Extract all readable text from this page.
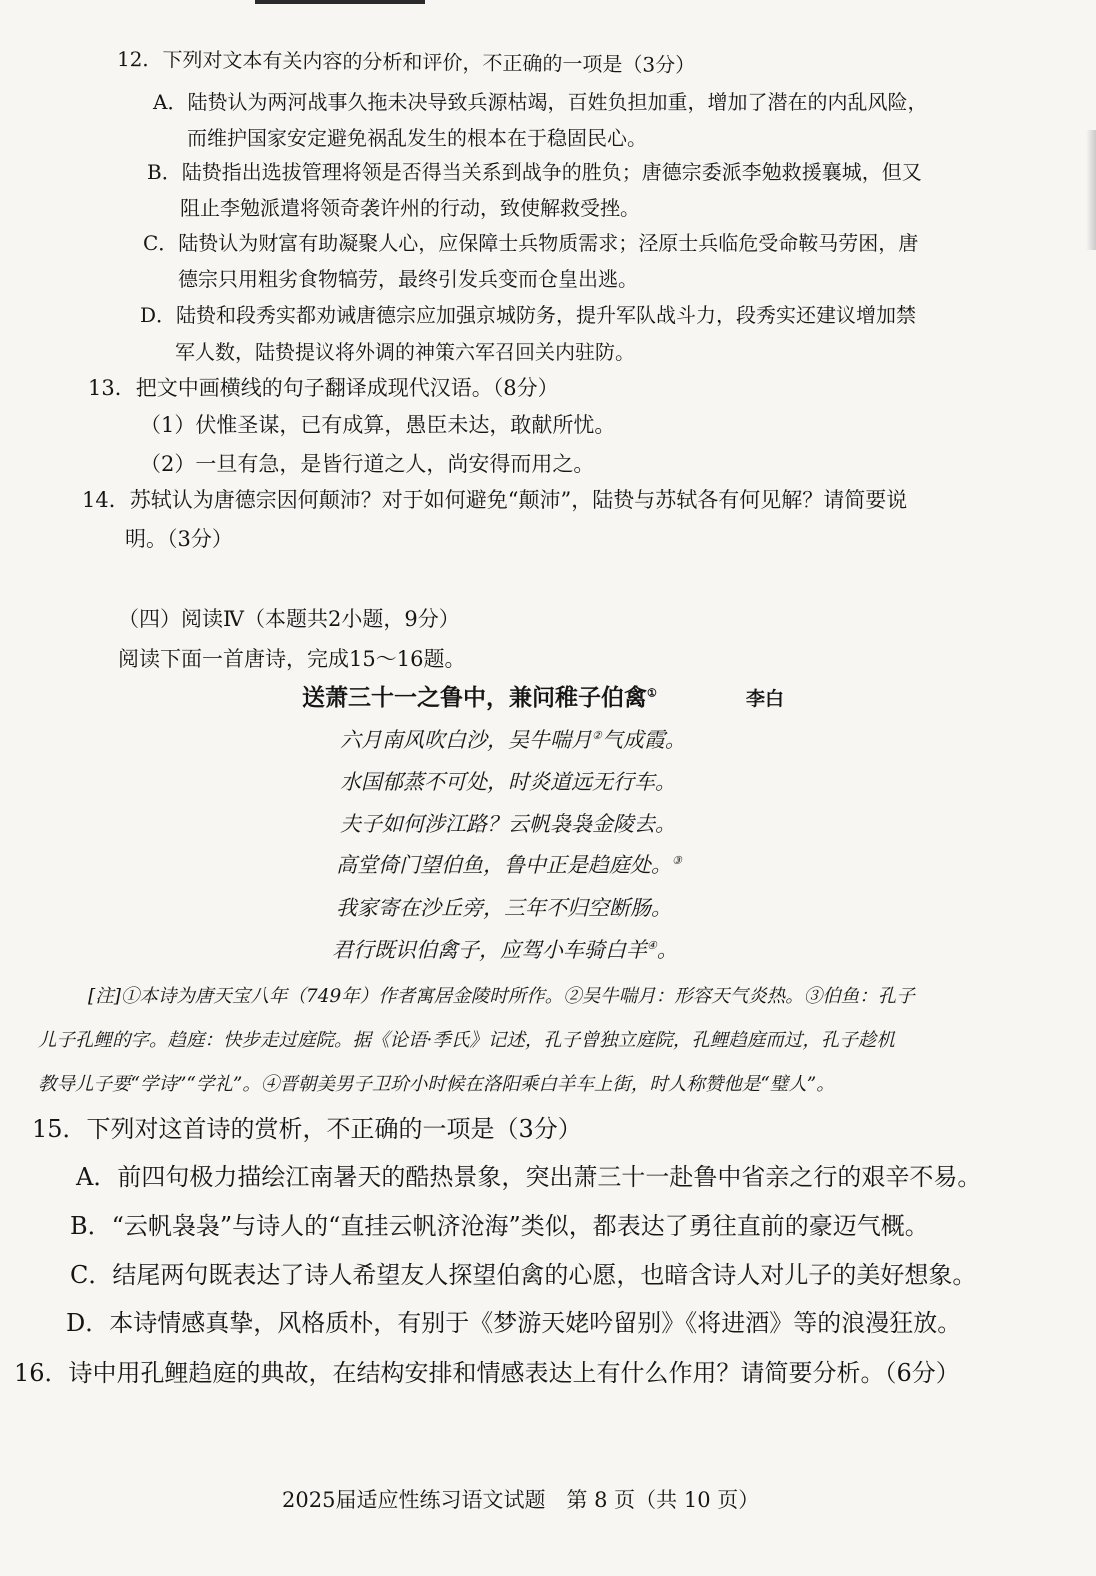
12．下列对文本有关内容的分析和评价，不正确的一项是（3分）
A．陆贽认为两河战事久拖未决导致兵源枯竭，百姓负担加重，增加了潜在的内乱风险，
而维护国家安定避免祸乱发生的根本在于稳固民心。
B．陆贽指出选拔管理将领是否得当关系到战争的胜负；唐德宗委派李勉救援襄城，但又
阻止李勉派遣将领奇袭许州的行动，致使解救受挫。
C．陆贽认为财富有助凝聚人心，应保障士兵物质需求；泾原士兵临危受命鞍马劳困，唐
德宗只用粗劣食物犒劳，最终引发兵变而仓皇出逃。
D．陆贽和段秀实都劝诫唐德宗应加强京城防务，提升军队战斗力，段秀实还建议增加禁
军人数，陆贽提议将外调的神策六军召回关内驻防。
13．把文中画横线的句子翻译成现代汉语。（8分）
（1）伏惟圣谋，已有成算，愚臣未达，敢献所忧。
（2）一旦有急，是皆行道之人，尚安得而用之。
14．苏轼认为唐德宗因何颠沛？对于如何避免“颠沛”，陆贽与苏轼各有何见解？请简要说
明。（3分）
（四）阅读Ⅳ（本题共2小题，9分）
阅读下面一首唐诗，完成15～16题。
送萧三十一之鲁中，兼问稚子伯禽①	李白
六月南风吹白沙，吴牛喘月②气成霞。
水国郁蒸不可处，时炎道远无行车。
夫子如何涉江路？云帆袅袅金陵去。
高堂倚门望伯鱼，鲁中正是趋庭处。③
我家寄在沙丘旁，三年不归空断肠。
君行既识伯禽子，应驾小车骑白羊④。
[注]①本诗为唐天宝八年（749年）作者寓居金陵时所作。②吴牛喘月：形容天气炎热。③伯鱼：孔子
儿子孔鲤的字。趋庭：快步走过庭院。据《论语·季氏》记述，孔子曾独立庭院，孔鲤趋庭而过，孔子趁机
教导儿子要“学诗”“学礼”。④晋朝美男子卫玠小时候在洛阳乘白羊车上街，时人称赞他是“璧人”。
15．下列对这首诗的赏析，不正确的一项是（3分）
A．前四句极力描绘江南暑天的酷热景象，突出萧三十一赴鲁中省亲之行的艰辛不易。
B．“云帆袅袅”与诗人的“直挂云帆济沧海”类似，都表达了勇往直前的豪迈气概。
C．结尾两句既表达了诗人希望友人探望伯禽的心愿，也暗含诗人对儿子的美好想象。
D．本诗情感真挚，风格质朴，有别于《梦游天姥吟留别》《将进酒》等的浪漫狂放。
16．诗中用孔鲤趋庭的典故，在结构安排和情感表达上有什么作用？请简要分析。（6分）
2025届适应性练习语文试题　第 8 页（共 10 页）
